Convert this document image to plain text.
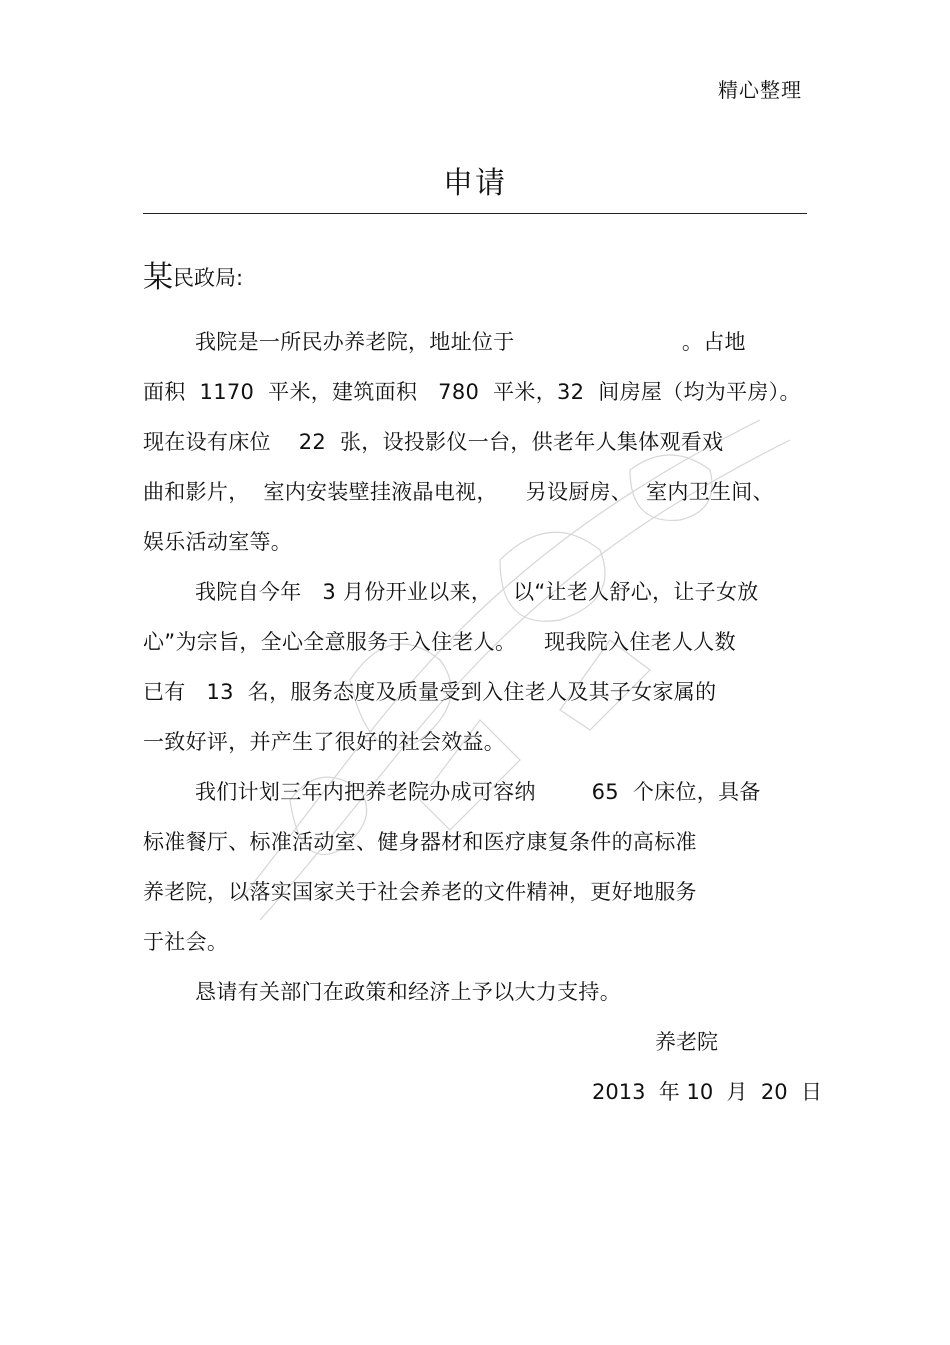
精心整理
申请
某民政局:
我院是一所民办养老院，地址位于                        。占地
面积  1170  平米，建筑面积   780  平米，32  间房屋（均为平房）。
现在设有床位    22  张，设投影仪一台，供老年人集体观看戏
曲和影片，  室内安装壁挂液晶电视，    另设厨房、  室内卫生间、
娱乐活动室等。
我院自今年   3 月份开业以来，   以“让老人舒心，让子女放
心”为宗旨，全心全意服务于入住老人。    现我院入住老人人数
已有   13  名，服务态度及质量受到入住老人及其子女家属的
一致好评，并产生了很好的社会效益。
我们计划三年内把养老院办成可容纳        65  个床位，具备
标准餐厅、标准活动室、健身器材和医疗康复条件的高标准
养老院，以落实国家关于社会养老的文件精神，更好地服务
于社会。
恳请有关部门在政策和经济上予以大力支持。
养老院
2013  年 10  月  20  日
